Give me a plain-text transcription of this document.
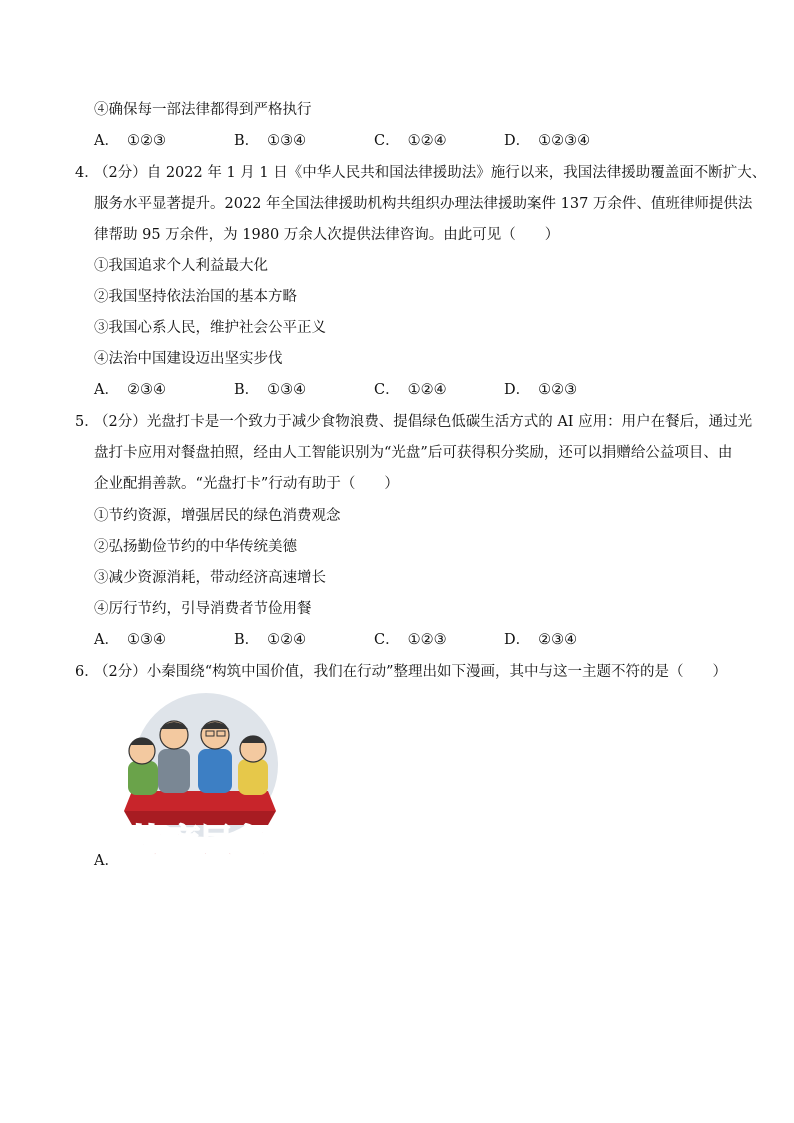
④确保每一部法律都得到严格执行
A． ①②③	B． ①③④	C． ①②④	D． ①②③④
4．
（2分）自 2022 年 1 月 1 日《中华人民共和国法律援助法》施行以来，我国法律援助覆盖面不断扩大、
服务水平显著提升。2022 年全国法律援助机构共组织办理法律援助案件 137 万余件、值班律师提供法
律帮助 95 万余件，为 1980 万余人次提供法律咨询。由此可见（　　）
①我国追求个人利益最大化
②我国坚持依法治国的基本方略
③我国心系人民，维护社会公平正义
④法治中国建设迈出坚实步伐
A． ②③④	B． ①③④	C． ①②④	D． ①②③
5．
（2分）光盘打卡是一个致力于减少食物浪费、提倡绿色低碳生活方式的 AI 应用：用户在餐后，通过光
盘打卡应用对餐盘拍照，经由人工智能识别为“光盘”后可获得积分奖励，还可以捐赠给公益项目、由
企业配捐善款。“光盘打卡”行动有助于（　　）
①节约资源，增强居民的绿色消费观念
②弘扬勤俭节约的中华传统美德
③减少资源消耗，带动经济高速增长
④厉行节约，引导消费者节俭用餐
A． ①③④	B． ①②④	C． ①②③	D． ②③④
6．
（2分）小秦围绕“构筑中国价值，我们在行动”整理出如下漫画，其中与这一主题不符的是（　　）
协商民主
A．
